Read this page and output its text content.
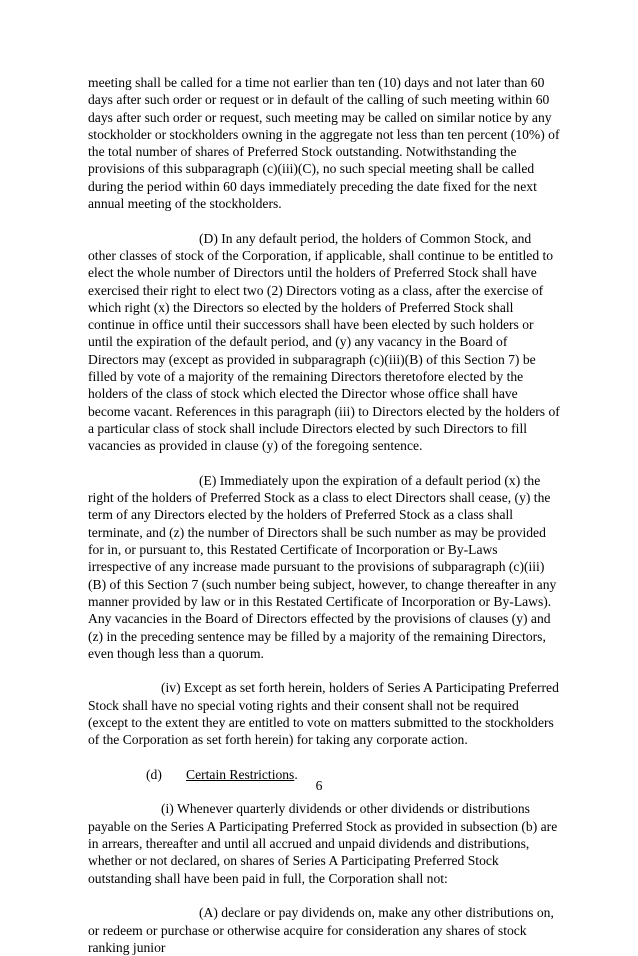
meeting shall be called for a time not earlier than ten (10) days and not later than 60 days after such order or request or in default of the calling of such meeting within 60 days after such order or request, such meeting may be called on similar notice by any stockholder or stockholders owning in the aggregate not less than ten percent (10%) of the total number of shares of Preferred Stock outstanding. Notwithstanding the provisions of this subparagraph (c)(iii)(C), no such special meeting shall be called during the period within 60 days immediately preceding the date fixed for the next annual meeting of the stockholders.

(D) In any default period, the holders of Common Stock, and other classes of stock of the Corporation, if applicable, shall continue to be entitled to elect the whole number of Directors until the holders of Preferred Stock shall have exercised their right to elect two (2) Directors voting as a class, after the exercise of which right (x) the Directors so elected by the holders of Preferred Stock shall continue in office until their successors shall have been elected by such holders or until the expiration of the default period, and (y) any vacancy in the Board of Directors may (except as provided in subparagraph (c)(iii)(B) of this Section 7) be filled by vote of a majority of the remaining Directors theretofore elected by the holders of the class of stock which elected the Director whose office shall have become vacant. References in this paragraph (iii) to Directors elected by the holders of a particular class of stock shall include Directors elected by such Directors to fill vacancies as provided in clause (y) of the foregoing sentence.

(E) Immediately upon the expiration of a default period (x) the right of the holders of Preferred Stock as a class to elect Directors shall cease, (y) the term of any Directors elected by the holders of Preferred Stock as a class shall terminate, and (z) the number of Directors shall be such number as may be provided for in, or pursuant to, this Restated Certificate of Incorporation or By-Laws irrespective of any increase made pursuant to the provisions of subparagraph (c)(iii)(B) of this Section 7 (such number being subject, however, to change thereafter in any manner provided by law or in this Restated Certificate of Incorporation or By-Laws). Any vacancies in the Board of Directors effected by the provisions of clauses (y) and (z) in the preceding sentence may be filled by a majority of the remaining Directors, even though less than a quorum.

(iv) Except as set forth herein, holders of Series A Participating Preferred Stock shall have no special voting rights and their consent shall not be required (except to the extent they are entitled to vote on matters submitted to the stockholders of the Corporation as set forth herein) for taking any corporate action.

(d) Certain Restrictions.

(i) Whenever quarterly dividends or other dividends or distributions payable on the Series A Participating Preferred Stock as provided in subsection (b) are in arrears, thereafter and until all accrued and unpaid dividends and distributions, whether or not declared, on shares of Series A Participating Preferred Stock outstanding shall have been paid in full, the Corporation shall not:

(A) declare or pay dividends on, make any other distributions on, or redeem or purchase or otherwise acquire for consideration any shares of stock ranking junior

6
